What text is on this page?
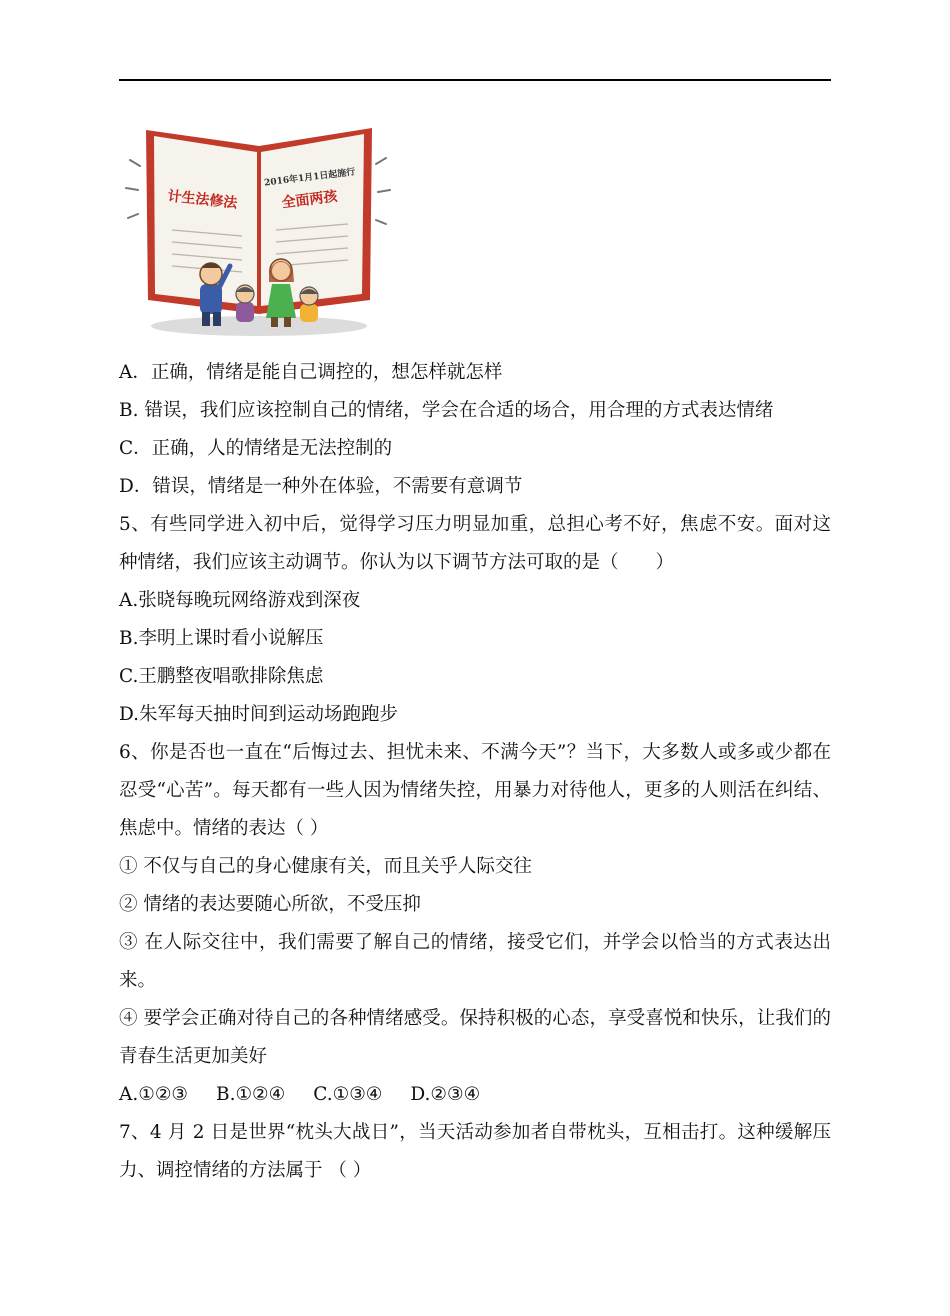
计生法修法
2016年1月1日起施行
全面两孩
A．正确，情绪是能自己调控的，想怎样就怎样
B. 错误，我们应该控制自己的情绪，学会在合适的场合，用合理的方式表达情绪
C．正确，人的情绪是无法控制的
D．错误，情绪是一种外在体验，不需要有意调节
5、有些同学进入初中后，觉得学习压力明显加重，总担心考不好，焦虑不安。面对这种情绪，我们应该主动调节。你认为以下调节方法可取的是（　　）
A.张晓每晚玩网络游戏到深夜
B.李明上课时看小说解压
C.王鹏整夜唱歌排除焦虑
D.朱军每天抽时间到运动场跑跑步
6、你是否也一直在“后悔过去、担忧未来、不满今天”？当下，大多数人或多或少都在忍受“心苦”。每天都有一些人因为情绪失控，用暴力对待他人，更多的人则活在纠结、焦虑中。情绪的表达（ ）
① 不仅与自己的身心健康有关，而且关乎人际交往
② 情绪的表达要随心所欲，不受压抑
③ 在人际交往中，我们需要了解自己的情绪，接受它们，并学会以恰当的方式表达出来。
④ 要学会正确对待自己的各种情绪感受。保持积极的心态，享受喜悦和快乐，让我们的青春生活更加美好
A.①②③ B.①②④ C.①③④ D.②③④
7、4 月 2 日是世界“枕头大战日”，当天活动参加者自带枕头，互相击打。这种缓解压力、调控情绪的方法属于 （ ）
